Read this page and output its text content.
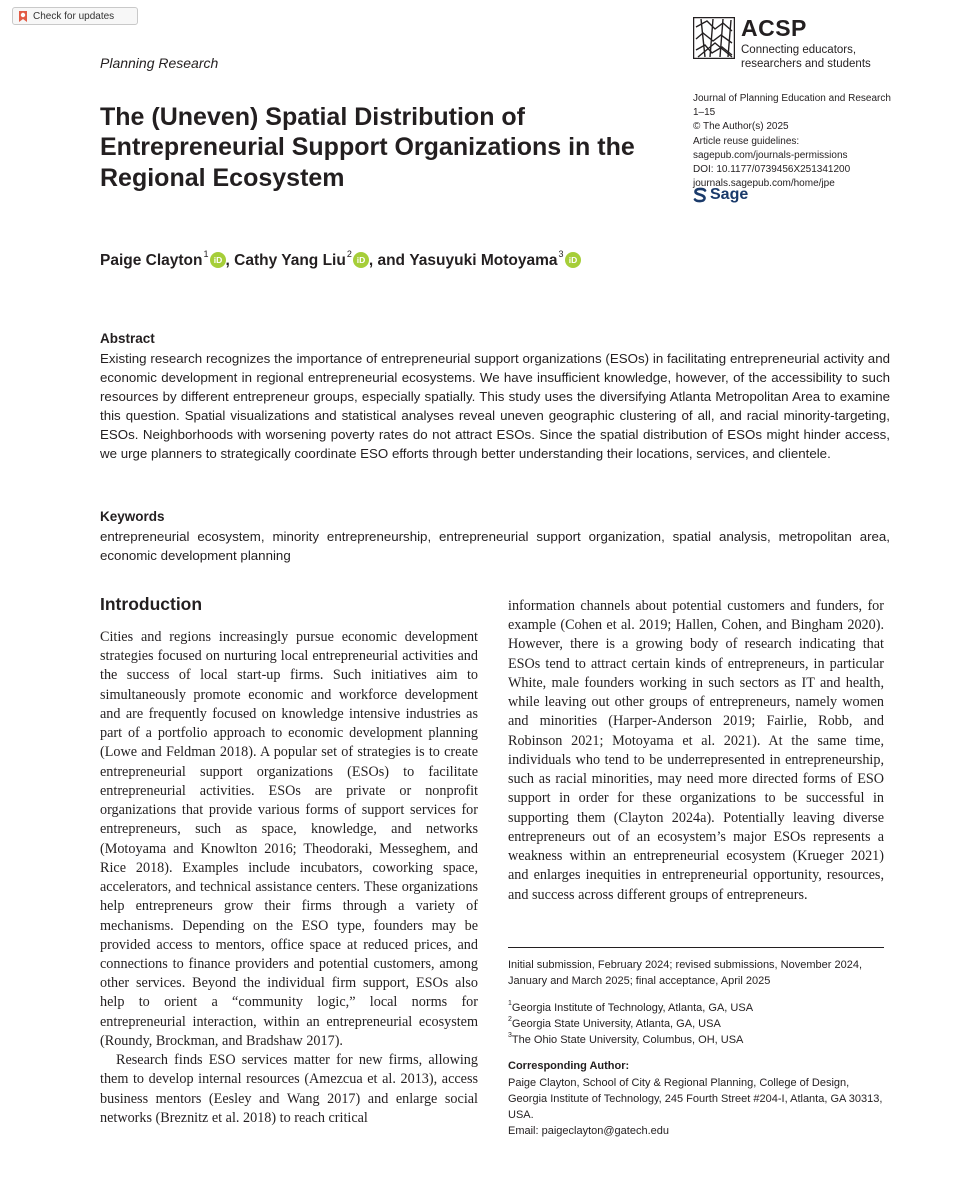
Check for updates
Planning Research
The (Uneven) Spatial Distribution of Entrepreneurial Support Organizations in the Regional Ecosystem
ACSP
Connecting educators,
researchers and students
Journal of Planning Education and Research
1–15
© The Author(s) 2025
Article reuse guidelines:
sagepub.com/journals-permissions
DOI: 10.1177/0739456X251341200
journals.sagepub.com/home/jpe
Sage
Paige Clayton$^1$
iD , Cathy Yang Liu$^2$
iD , and Yasuyuki Motoyama$^3$
iD
Abstract
Existing research recognizes the importance of entrepreneurial support organizations (ESOs) in facilitating entrepreneurial activity and economic development in regional entrepreneurial ecosystems. We have insufficient knowledge, however, of the accessibility to such resources by different entrepreneur groups, especially spatially. This study uses the diversifying Atlanta Metropolitan Area to examine this question. Spatial visualizations and statistical analyses reveal uneven geographic clustering of all, and racial minority-targeting, ESOs. Neighborhoods with worsening poverty rates do not attract ESOs. Since the spatial distribution of ESOs might hinder access, we urge planners to strategically coordinate ESO efforts through better understanding their locations, services, and clientele.
Keywords
entrepreneurial ecosystem, minority entrepreneurship, entrepreneurial support organization, spatial analysis, metropolitan area, economic development planning
Introduction

Cities and regions increasingly pursue economic development strategies focused on nurturing local entrepreneurial activities and the success of local start-up firms. Such initiatives aim to simultaneously promote economic and workforce development and are frequently focused on knowledge intensive industries as part of a portfolio approach to economic development planning (Lowe and Feldman 2018). A popular set of strategies is to create entrepreneurial support organizations (ESOs) to facilitate entrepreneurial activities. ESOs are private or nonprofit organizations that provide various forms of support services for entrepreneurs, such as space, knowledge, and networks (Motoyama and Knowlton 2016; Theodoraki, Messeghem, and Rice 2018). Examples include incubators, coworking space, accelerators, and technical assistance centers. These organizations help entrepreneurs grow their firms through a variety of mechanisms. Depending on the ESO type, founders may be provided access to mentors, office space at reduced prices, and connections to finance providers and potential customers, among other services. Beyond the individual firm support, ESOs also help to orient a “community logic,” local norms for entrepreneurial interaction, within an entrepreneurial ecosystem (Roundy, Brockman, and Bradshaw 2017).

Research finds ESO services matter for new firms, allowing them to develop internal resources (Amezcua et al. 2013), access business mentors (Eesley and Wang 2017) and enlarge social networks (Breznitz et al. 2018) to reach critical

information channels about potential customers and funders, for example (Cohen et al. 2019; Hallen, Cohen, and Bingham 2020). However, there is a growing body of research indicating that ESOs tend to attract certain kinds of entrepreneurs, in particular White, male founders working in such sectors as IT and health, while leaving out other groups of entrepreneurs, namely women and minorities (Harper-Anderson 2019; Fairlie, Robb, and Robinson 2021; Motoyama et al. 2021). At the same time, individuals who tend to be underrepresented in entrepreneurship, such as racial minorities, may need more directed forms of ESO support in order for these organizations to be successful in supporting them (Clayton 2024a). Potentially leaving diverse entrepreneurs out of an ecosystem’s major ESOs represents a weakness within an entrepreneurial ecosystem (Krueger 2021) and enlarges inequities in entrepreneurial opportunity, resources, and success across different groups of entrepreneurs.

Initial submission, February 2024; revised submissions, November 2024, January and March 2025; final acceptance, April 2025

$^1$Georgia Institute of Technology, Atlanta, GA, USA

$^2$Georgia State University, Atlanta, GA, USA

$^3$The Ohio State University, Columbus, OH, USA

Corresponding Author:

Paige Clayton, School of City & Regional Planning, College of Design, Georgia Institute of Technology, 245 Fourth Street #204-I, Atlanta, GA 30313, USA.

Email: paigeclayton@gatech.edu
